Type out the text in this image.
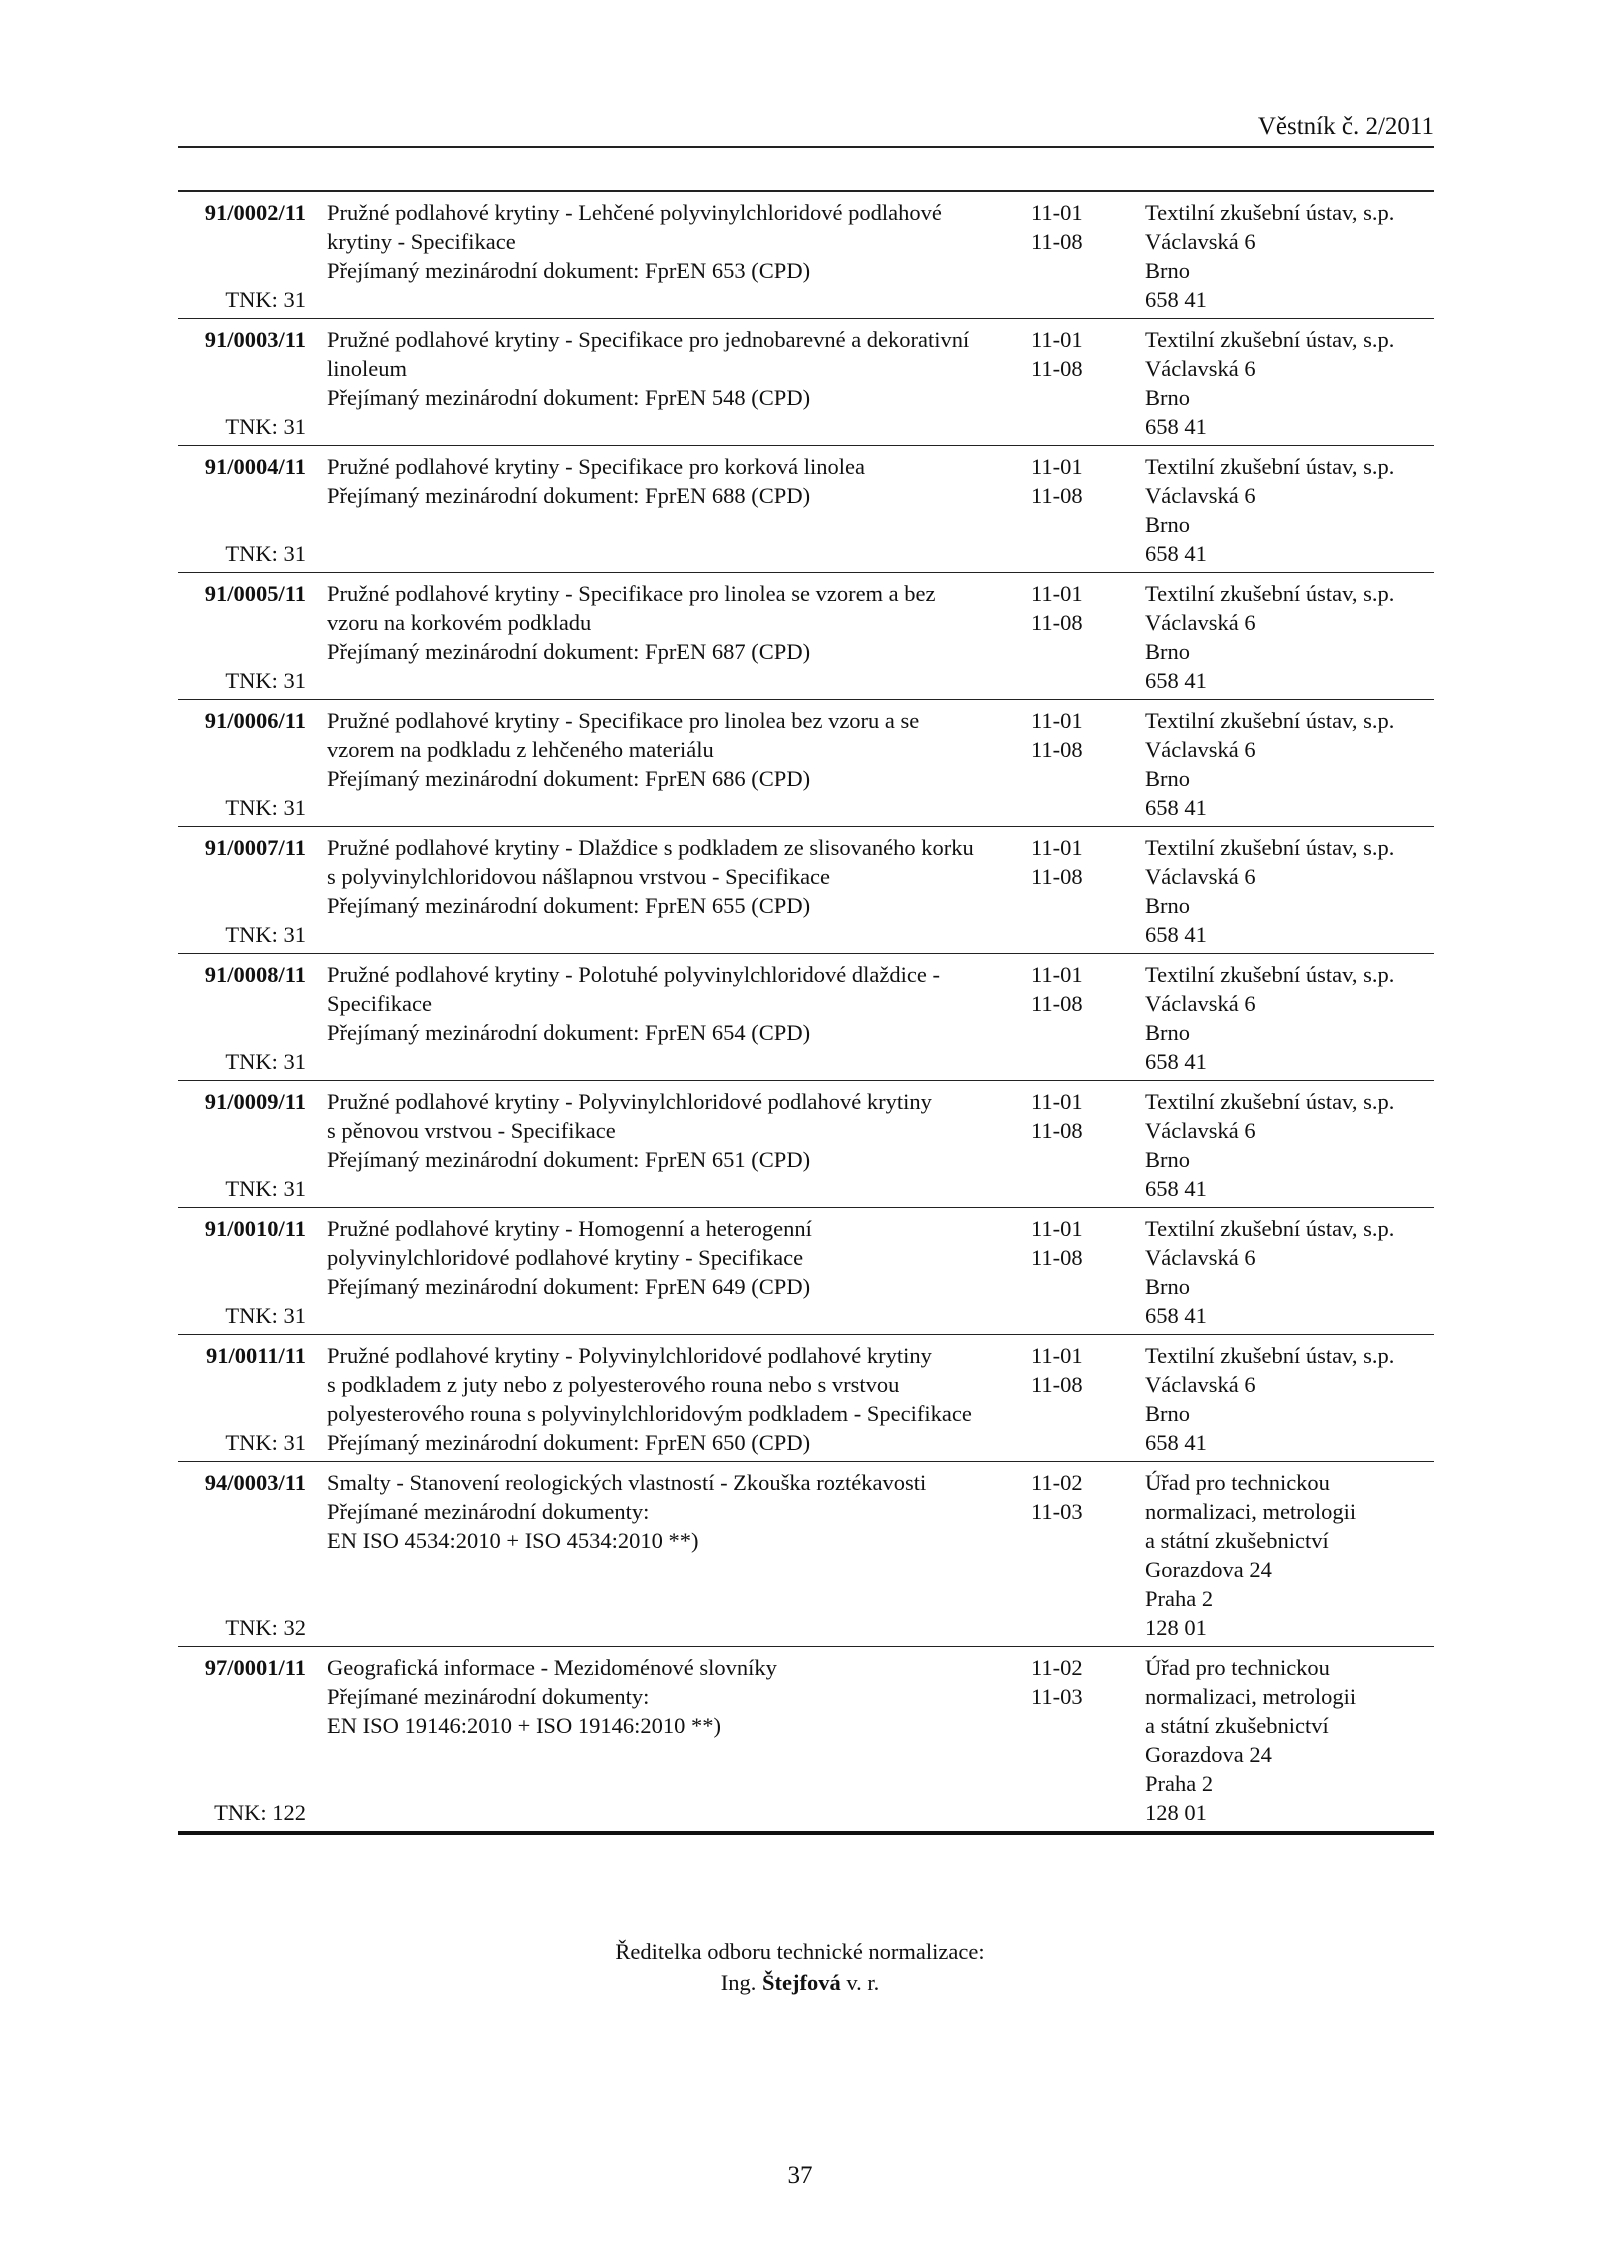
Věstník č. 2/2011
91/0002/11
TNK: 31
Pružné podlahové krytiny - Lehčené polyvinylchloridové podlahové
krytiny - Specifikace
Přejímaný mezinárodní dokument: FprEN 653 (CPD)
11-01
11-08
Textilní zkušební ústav, s.p.
Václavská 6
Brno
658 41
91/0003/11
TNK: 31
Pružné podlahové krytiny - Specifikace pro jednobarevné a dekorativní
linoleum
Přejímaný mezinárodní dokument: FprEN 548 (CPD)
11-01
11-08
Textilní zkušební ústav, s.p.
Václavská 6
Brno
658 41
91/0004/11
TNK: 31
Pružné podlahové krytiny - Specifikace pro korková linolea
Přejímaný mezinárodní dokument: FprEN 688 (CPD)
11-01
11-08
Textilní zkušební ústav, s.p.
Václavská 6
Brno
658 41
91/0005/11
TNK: 31
Pružné podlahové krytiny - Specifikace pro linolea se vzorem a bez
vzoru na korkovém podkladu
Přejímaný mezinárodní dokument: FprEN 687 (CPD)
11-01
11-08
Textilní zkušební ústav, s.p.
Václavská 6
Brno
658 41
91/0006/11
TNK: 31
Pružné podlahové krytiny - Specifikace pro linolea bez vzoru a se
vzorem na podkladu z lehčeného materiálu
Přejímaný mezinárodní dokument: FprEN 686 (CPD)
11-01
11-08
Textilní zkušební ústav, s.p.
Václavská 6
Brno
658 41
91/0007/11
TNK: 31
Pružné podlahové krytiny - Dlaždice s podkladem ze slisovaného korku
s polyvinylchloridovou nášlapnou vrstvou - Specifikace
Přejímaný mezinárodní dokument: FprEN 655 (CPD)
11-01
11-08
Textilní zkušební ústav, s.p.
Václavská 6
Brno
658 41
91/0008/11
TNK: 31
Pružné podlahové krytiny - Polotuhé polyvinylchloridové dlaždice -
Specifikace
Přejímaný mezinárodní dokument: FprEN 654 (CPD)
11-01
11-08
Textilní zkušební ústav, s.p.
Václavská 6
Brno
658 41
91/0009/11
TNK: 31
Pružné podlahové krytiny - Polyvinylchloridové podlahové krytiny
s pěnovou vrstvou - Specifikace
Přejímaný mezinárodní dokument: FprEN 651 (CPD)
11-01
11-08
Textilní zkušební ústav, s.p.
Václavská 6
Brno
658 41
91/0010/11
TNK: 31
Pružné podlahové krytiny - Homogenní a heterogenní
polyvinylchloridové podlahové krytiny - Specifikace
Přejímaný mezinárodní dokument: FprEN 649 (CPD)
11-01
11-08
Textilní zkušební ústav, s.p.
Václavská 6
Brno
658 41
91/0011/11
TNK: 31
Pružné podlahové krytiny - Polyvinylchloridové podlahové krytiny
s podkladem z juty nebo z polyesterového rouna nebo s vrstvou
polyesterového rouna s polyvinylchloridovým podkladem - Specifikace
Přejímaný mezinárodní dokument: FprEN 650 (CPD)
11-01
11-08
Textilní zkušební ústav, s.p.
Václavská 6
Brno
658 41
94/0003/11
TNK: 32
Smalty - Stanovení reologických vlastností - Zkouška roztékavosti
Přejímané mezinárodní dokumenty:
EN ISO 4534:2010 + ISO 4534:2010 **)
11-02
11-03
Úřad pro technickou
normalizaci, metrologii
a státní zkušebnictví
Gorazdova 24
Praha 2
128 01
97/0001/11
TNK: 122
Geografická informace - Mezidoménové slovníky
Přejímané mezinárodní dokumenty:
EN ISO 19146:2010 + ISO 19146:2010 **)
11-02
11-03
Úřad pro technickou
normalizaci, metrologii
a státní zkušebnictví
Gorazdova 24
Praha 2
128 01
Ředitelka odboru technické normalizace:
Ing. Štejfová v. r.
37
